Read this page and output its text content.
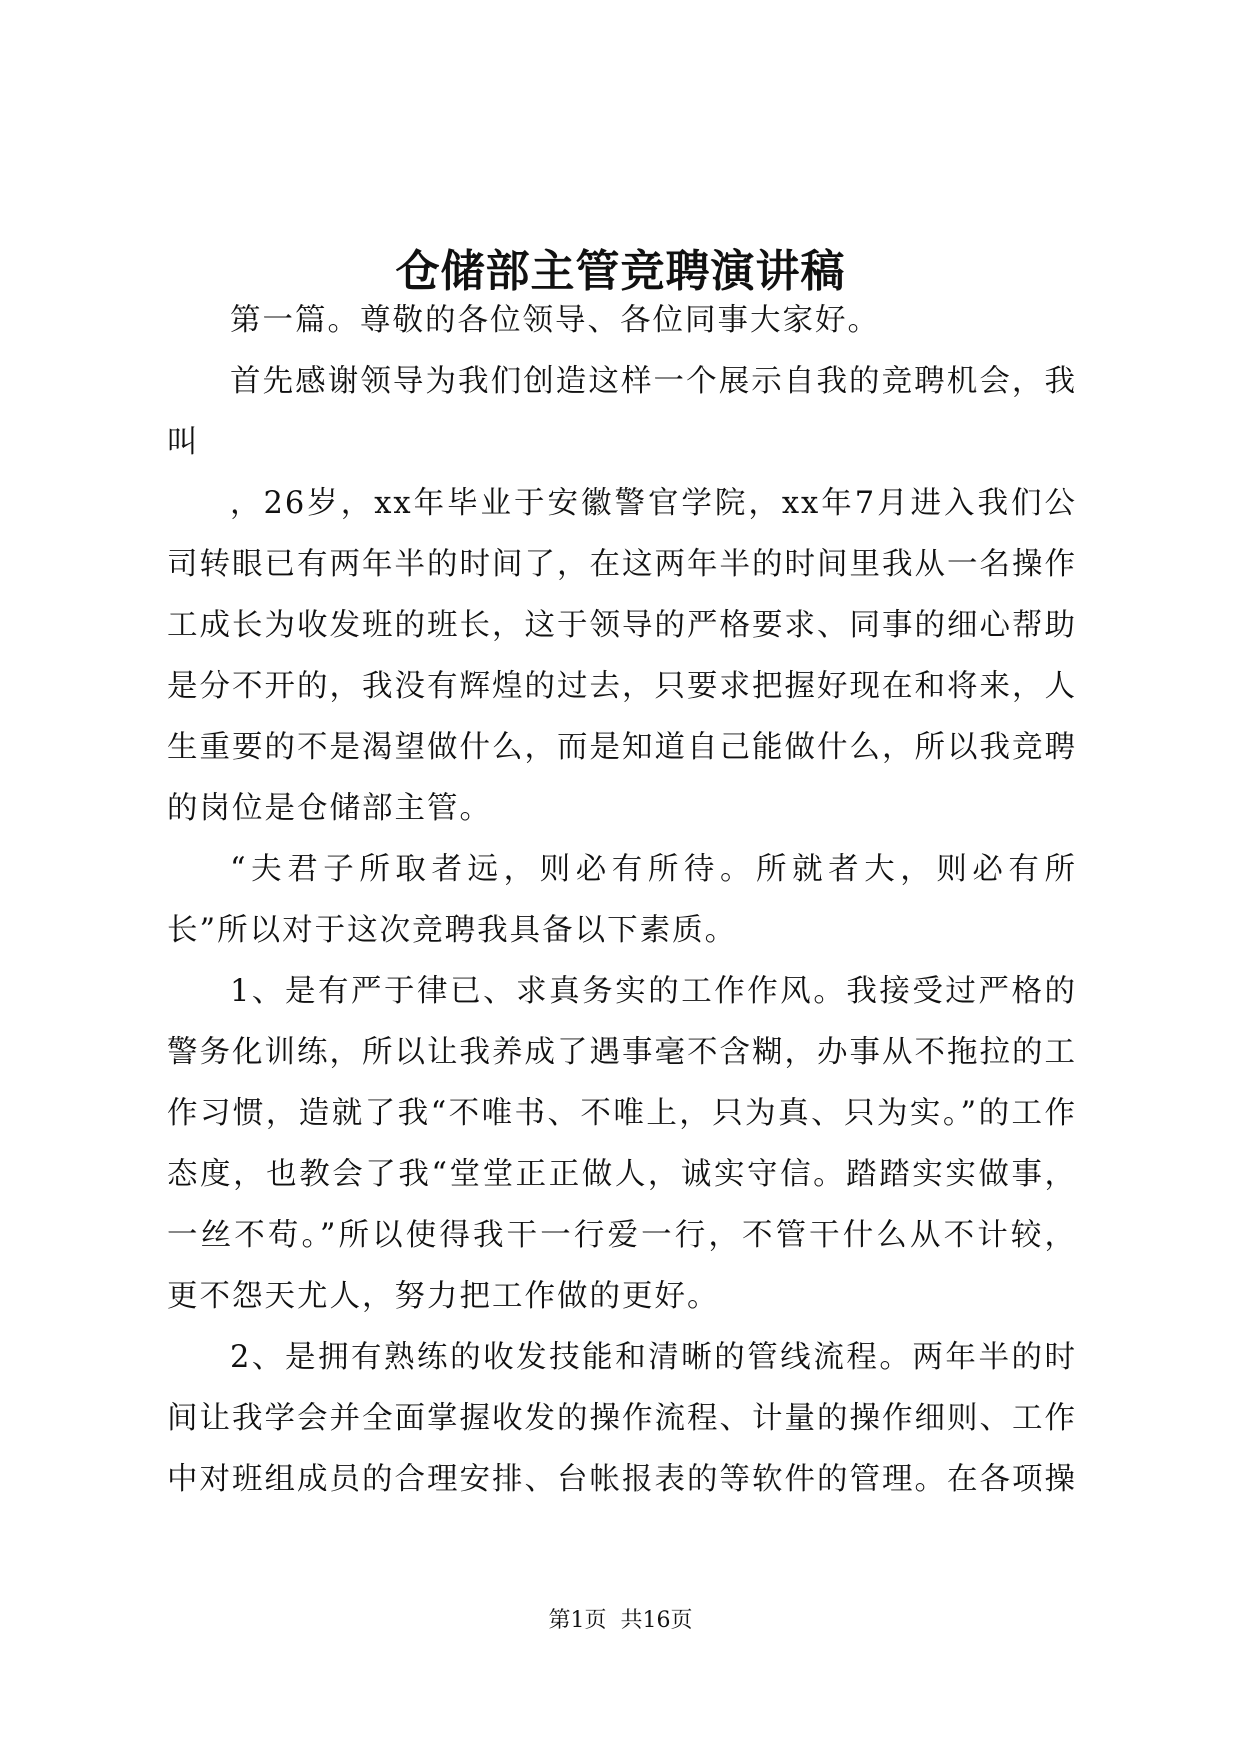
仓储部主管竞聘演讲稿

第一篇。尊敬的各位领导、各位同事大家好。

首先感谢领导为我们创造这样一个展示自我的竞聘机会，我叫

，26岁，xx年毕业于安徽警官学院，xx年7月进入我们公司转眼已有两年半的时间了，在这两年半的时间里我从一名操作工成长为收发班的班长，这于领导的严格要求、同事的细心帮助是分不开的，我没有辉煌的过去，只要求把握好现在和将来，人生重要的不是渴望做什么，而是知道自己能做什么，所以我竞聘的岗位是仓储部主管。

“夫君子所取者远，则必有所待。所就者大，则必有所长”所以对于这次竞聘我具备以下素质。

1、是有严于律已、求真务实的工作作风。我接受过严格的警务化训练，所以让我养成了遇事毫不含糊，办事从不拖拉的工作习惯，造就了我“不唯书、不唯上，只为真、只为实。”的工作态度，也教会了我“堂堂正正做人，诚实守信。踏踏实实做事，一丝不苟。”所以使得我干一行爱一行，不管干什么从不计较，更不怨天尤人，努力把工作做的更好。

2、是拥有熟练的收发技能和清晰的管线流程。两年半的时间让我学会并全面掌握收发的操作流程、计量的操作细则、工作中对班组成员的合理安排、台帐报表的等软件的管理。在各项操

第1页 共16页
